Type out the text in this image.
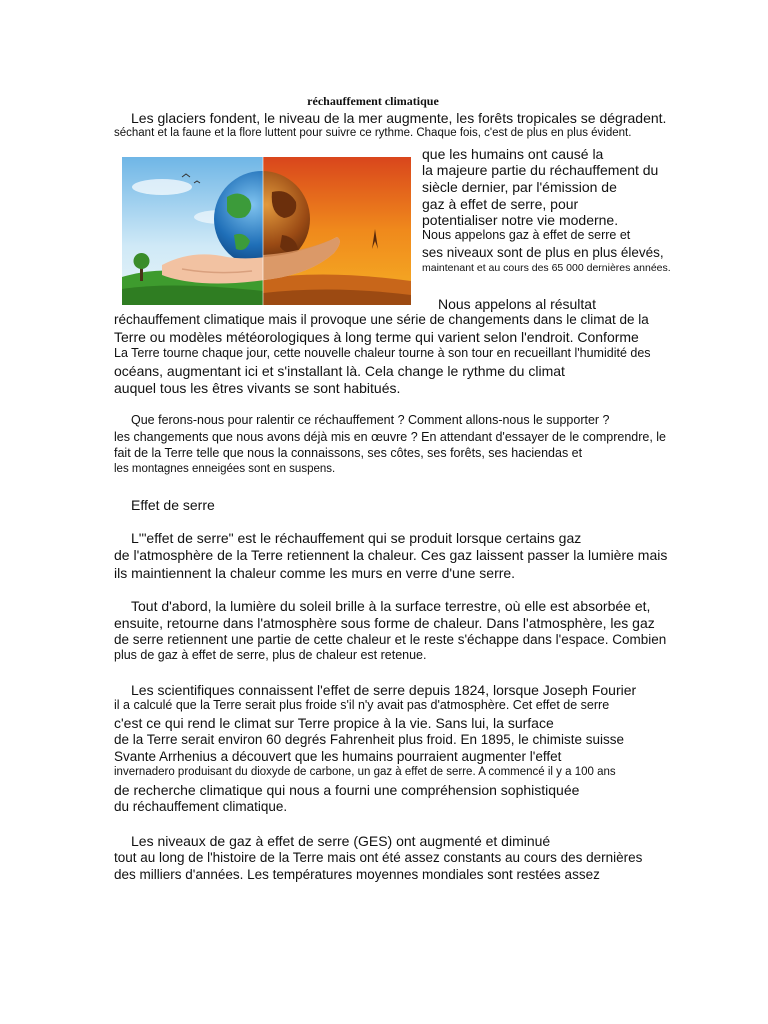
réchauffement climatique
Les glaciers fondent, le niveau de la mer augmente, les forêts tropicales se dégradent.
séchant et la faune et la flore luttent pour suivre ce rythme. Chaque fois, c'est de plus en plus évident.
que les humains ont causé la
la majeure partie du réchauffement du
siècle dernier, par l'émission de
gaz à effet de serre, pour
potentialiser notre vie moderne.
Nous appelons gaz à effet de serre et
ses niveaux sont de plus en plus élevés,
maintenant et au cours des 65 000 dernières années.
Nous appelons al résultat
réchauffement climatique mais il provoque une série de changements dans le climat de la
Terre ou modèles météorologiques à long terme qui varient selon l'endroit. Conforme
La Terre tourne chaque jour, cette nouvelle chaleur tourne à son tour en recueillant l'humidité des
océans, augmentant ici et s'installant là. Cela change le rythme du climat
auquel tous les êtres vivants se sont habitués.
Que ferons-nous pour ralentir ce réchauffement ? Comment allons-nous le supporter ?
les changements que nous avons déjà mis en œuvre ? En attendant d'essayer de le comprendre, le
fait de la Terre telle que nous la connaissons, ses côtes, ses forêts, ses haciendas et
les montagnes enneigées sont en suspens.
Effet de serre
L'"effet de serre" est le réchauffement qui se produit lorsque certains gaz
de l'atmosphère de la Terre retiennent la chaleur. Ces gaz laissent passer la lumière mais
ils maintiennent la chaleur comme les murs en verre d'une serre.
Tout d'abord, la lumière du soleil brille à la surface terrestre, où elle est absorbée et,
ensuite, retourne dans l'atmosphère sous forme de chaleur. Dans l'atmosphère, les gaz
de serre retiennent une partie de cette chaleur et le reste s'échappe dans l'espace. Combien
plus de gaz à effet de serre, plus de chaleur est retenue.
Les scientifiques connaissent l'effet de serre depuis 1824, lorsque Joseph Fourier
il a calculé que la Terre serait plus froide s'il n'y avait pas d'atmosphère. Cet effet de serre
c'est ce qui rend le climat sur Terre propice à la vie. Sans lui, la surface
de la Terre serait environ 60 degrés Fahrenheit plus froid. En 1895, le chimiste suisse
Svante Arrhenius a découvert que les humains pourraient augmenter l'effet
invernadero produisant du dioxyde de carbone, un gaz à effet de serre. A commencé il y a 100 ans
de recherche climatique qui nous a fourni une compréhension sophistiquée
du réchauffement climatique.
Les niveaux de gaz à effet de serre (GES) ont augmenté et diminué
tout au long de l'histoire de la Terre mais ont été assez constants au cours des dernières
des milliers d'années. Les températures moyennes mondiales sont restées assez
